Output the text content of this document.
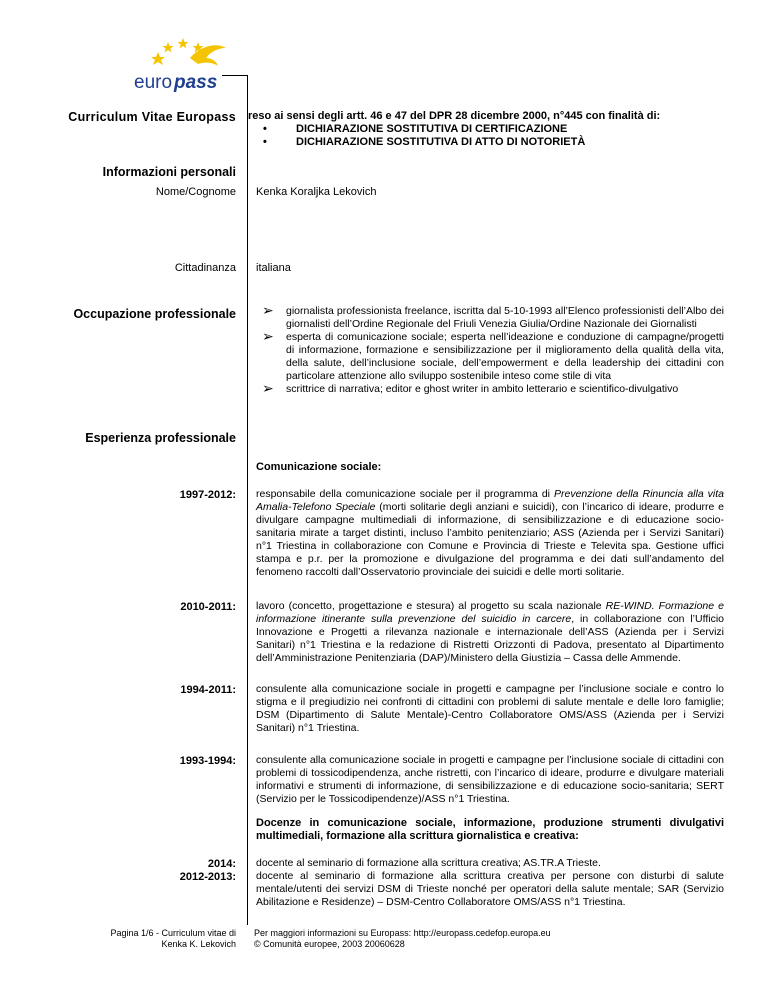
euro pass
Curriculum Vitae Europass reso ai sensi degli artt. 46 e 47 del DPR 28 dicembre 2000, n°445 con finalità di:
•	DICHIARAZIONE SOSTITUTIVA DI CERTIFICAZIONE
•	DICHIARAZIONE SOSTITUTIVA DI ATTO DI NOTORIETÀ
Informazioni personali
Nome/Cognome Kenka Koraljka Lekovich
Cittadinanza italiana
Occupazione professionale ➢ giornalista professionista freelance, iscritta dal 5-10-1993 all’Elenco professionisti dell’Albo dei giornalisti dell’Ordine Regionale del Friuli Venezia Giulia/Ordine Nazionale dei Giornalisti
➢ esperta di comunicazione sociale; esperta nell’ideazione e conduzione di campagne/progetti di informazione, formazione e sensibilizzazione per il miglioramento della qualità della vita, della salute, dell’inclusione sociale, dell’empowerment e della leadership dei cittadini con particolare attenzione allo sviluppo sostenibile inteso come stile di vita
➢ scrittrice di narrativa; editor e ghost writer in ambito letterario e scientifico-divulgativo
Esperienza professionale
Comunicazione sociale:
1997-2012: responsabile della comunicazione sociale per il programma di Prevenzione della Rinuncia alla vita Amalia-Telefono Speciale (morti solitarie degli anziani e suicidi), con l’incarico di ideare, produrre e divulgare campagne multimediali di informazione, di sensibilizzazione e di educazione socio-sanitaria mirate a target distinti, incluso l’ambito penitenziario; ASS (Azienda per i Servizi Sanitari) n°1 Triestina in collaborazione con Comune e Provincia di Trieste e Televita spa. Gestione uffici stampa e p.r. per la promozione e divulgazione del programma e dei dati sull’andamento del fenomeno raccolti dall’Osservatorio provinciale dei suicidi e delle morti solitarie.
2010-2011: lavoro (concetto, progettazione e stesura) al progetto su scala nazionale RE-WIND. Formazione e informazione itinerante sulla prevenzione del suicidio in carcere, in collaborazione con l’Ufficio Innovazione e Progetti a rilevanza nazionale e internazionale dell’ASS (Azienda per i Servizi Sanitari) n°1 Triestina e la redazione di Ristretti Orizzonti di Padova, presentato al Dipartimento dell’Amministrazione Penitenziaria (DAP)/Ministero della Giustizia – Cassa delle Ammende.
1994-2011: consulente alla comunicazione sociale in progetti e campagne per l’inclusione sociale e contro lo stigma e il pregiudizio nei confronti di cittadini con problemi di salute mentale e delle loro famiglie; DSM (Dipartimento di Salute Mentale)-Centro Collaboratore OMS/ASS (Azienda per i Servizi Sanitari) n°1 Triestina.
1993-1994: consulente alla comunicazione sociale in progetti e campagne per l’inclusione sociale di cittadini con problemi di tossicodipendenza, anche ristretti, con l’incarico di ideare, produrre e divulgare materiali informativi e strumenti di informazione, di sensibilizzazione e di educazione socio-sanitaria; SERT (Servizio per le Tossicodipendenze)/ASS n°1 Triestina.
Docenze in comunicazione sociale, informazione, produzione strumenti divulgativi multimediali, formazione alla scrittura giornalistica e creativa:
2014: docente al seminario di formazione alla scrittura creativa; AS.TR.A Trieste.
2012-2013: docente al seminario di formazione alla scrittura creativa per persone con disturbi di salute mentale/utenti dei servizi DSM di Trieste nonché per operatori della salute mentale; SAR (Servizio Abilitazione e Residenze) – DSM-Centro Collaboratore OMS/ASS n°1 Triestina.
Pagina 1/6 - Curriculum vitae di
Kenka K. Lekovich
Per maggiori informazioni su Europass: http://europass.cedefop.europa.eu
© Comunità europee, 2003 20060628
